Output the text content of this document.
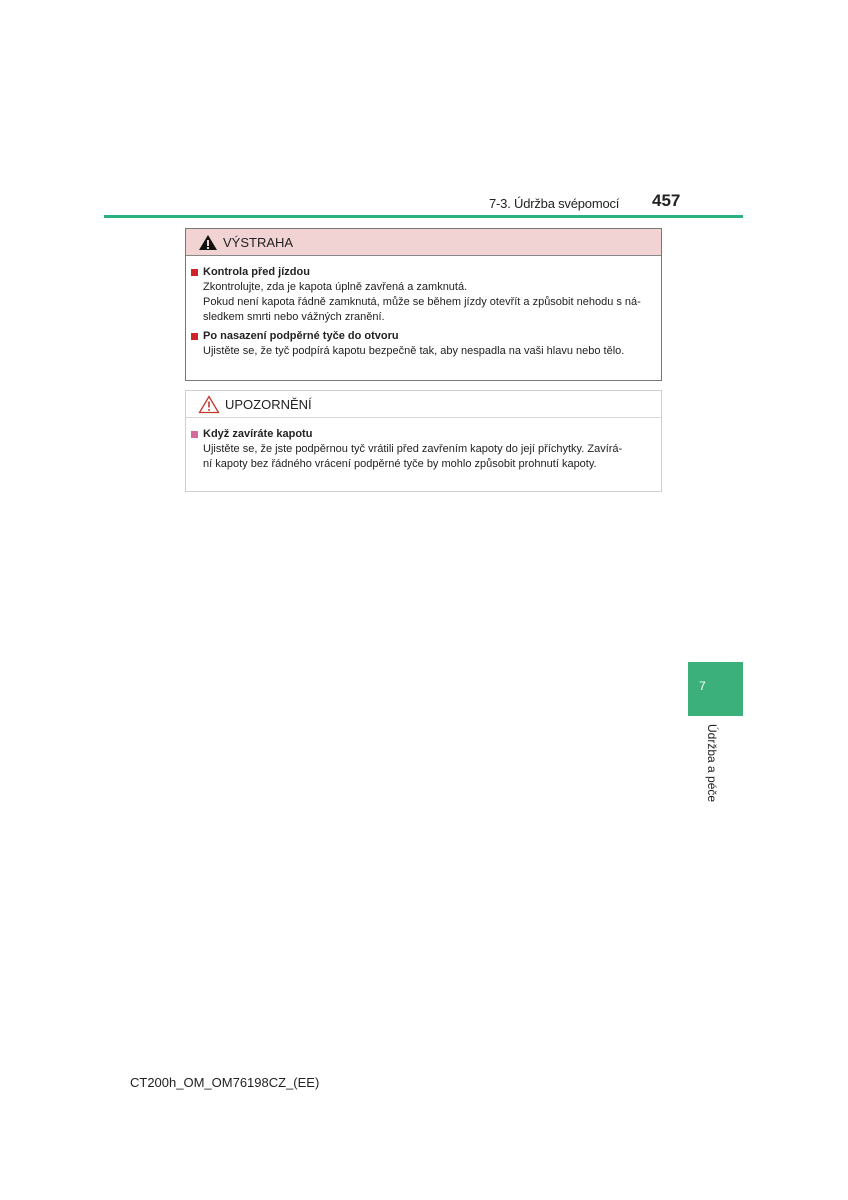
7-3. Údržba svépomocí 457
VÝSTRAHA
Kontrola před jízdou
Zkontrolujte, zda je kapota úplně zavřená a zamknutá.
Pokud není kapota řádně zamknutá, může se během jízdy otevřít a způsobit nehodu s ná-
sledkem smrti nebo vážných zranění.
Po nasazení podpěrné tyče do otvoru
Ujistěte se, že tyč podpírá kapotu bezpečně tak, aby nespadla na vaši hlavu nebo tělo.
UPOZORNĚNÍ
Když zavíráte kapotu
Ujistěte se, že jste podpěrnou tyč vrátili před zavřením kapoty do její příchytky. Zavírá-
ní kapoty bez řádného vrácení podpěrné tyče by mohlo způsobit prohnutí kapoty.
7
Údržba a péče
CT200h_OM_OM76198CZ_(EE)
